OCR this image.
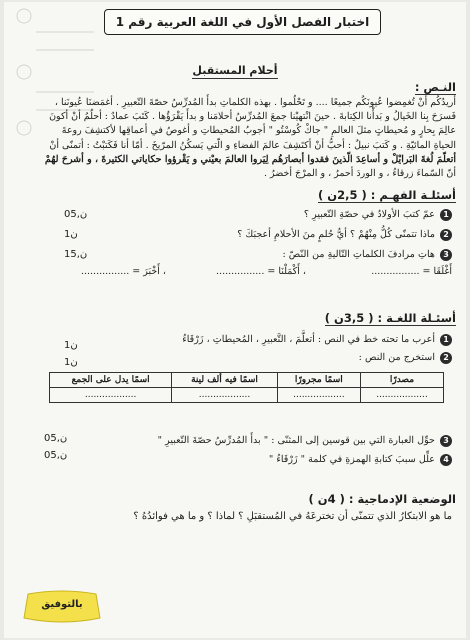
اختبار الفصل الأول في اللغة العربية رقم 1
أحلام المستقبل
النـص :
أريدُكُم أنْ تُغمِضوا عُيونَكُم جميعًا .... و تَحْلُموا . بهذه الكلماتِ بدأَ المُدرِّسُ حصّةَ التّعبيرِ . أغمَضنَا عُيونَنا ،
فَسرَحَ بِنا الخَيالُ و بَدأْنا الكِتابةَ . حينَ انْتهيْنا جمعَ المُدرِّسُ أحلامَنا و بدأَ يَقْرَؤُها . كَتَبَ عمادٌ : أحلُمُ أنْ أكونَ
عالِمَ بِحارٍ و مُحيطاتٍ مثلَ العالمِ " جاكْ كُوسْتُو " أجوبُ المُحيطاتِ و أغوصُ في أعماقِها لأكتشِفَ روعةَ
الحياةِ المائيّةِ . و كَتبَ نبيلٌ : أحبُّ أنْ أكتَشِفَ عالمَ الفضاءِ و الّتي يَسكُنُ المرّيخَ . أمّا أنا فَكَتبْتُ : أتمنّى أنْ
أتعلّمَ لُغةَ البَرايْلْ و أساعِدَ الّذينَ فقدوا أبصارَهُم لِيَروا العالمَ بعيْني و يَقْرؤوا حكاياتي الكثيرةَ ، و أشرحَ لهُمْ
أنّ السّماءَ زرقاءُ ، و الوردَ أحمرُ ، و المرْجَ أخضرُ .
أسئلـة الفهـم : ( 2,5ن )
1عمّ كتبَ الأولادُ في حصّةِ التّعبيرِ ؟
0ن,5
2ماذا تتمنّى كُلُّ مِنْهُمْ ؟ أيُّ حُلمٍ منَ الأحلامِ أعجبَكَ ؟
1ن
3هاتِ مرادفَ الكلماتِ التّاليةِ من النّصّ :
1ن,5
أَغْلَقَا = ................
، أَكْمَلْنَا = ................
، أَخْبَرَ = ................
أسئـلة اللغـة : ( 3,5ن )
1أعرب ما تحته خط في النص : أتعلَّمَ ، التَّعبيرِ ، المُحيطاتِ ، زَرْقَاءُ
1ن
2استخرج من النص :
1ن
مصدرًا	اسمًا مجرورًا	اسمًا فيه ألف لينة	اسمًا يدل على الجمع
..................	..................	..................	..................
3حوِّل العبارة التي بين قوسين إلى المثنّى : " بدأَ المُدرِّسُ حصّةَ التّعبيرِ "
0ن,5
4علِّل سببَ كتابةِ الهمزةِ في كلمة " زَرْقَاءُ "
0ن,5
الوضعية الإدماجية : ( 4ن )
ما هو الابتكارُ الذي تتمنّى أن تخترعَهُ في المُستقبَلِ ؟ لماذا ؟ و ما هي فوائدُهُ ؟
بالتوفيق
